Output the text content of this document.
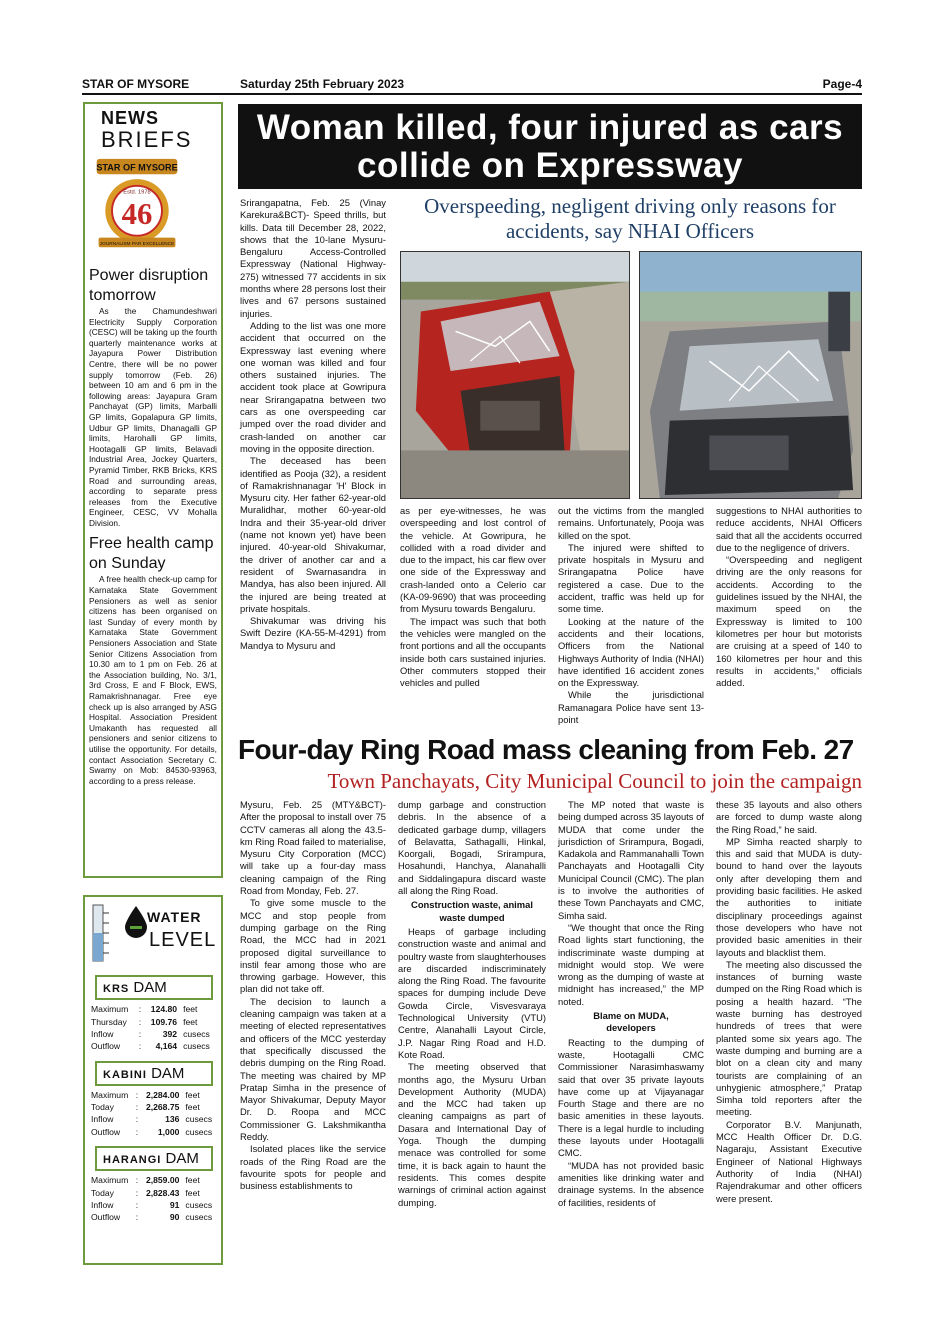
STAR OF MYSORE	Saturday 25th February 2023	Page-4
NEWS
BRIEFS
STAR OF MYSORE
Estd. 1978
46
JOURNALISM PAR EXCELLENCE
Power disruption tomorrow

As the Chamundeshwari Electricity Supply Corporation (CESC) will be taking up the fourth quarterly maintenance works at Jayapura Power Distribution Centre, there will be no power supply tomorrow (Feb. 26) between 10 am and 6 pm in the following areas: Jayapura Gram Panchayat (GP) limits, Marballi GP limits, Gopalapura GP limits, Udbur GP limits, Dhanagalli GP limits, Harohalli GP limits, Hootagalli GP limits, Belavadi Industrial Area, Jockey Quarters, Pyramid Timber, RKB Bricks, KRS Road and surrounding areas, according to separate press releases from the Executive Engineer, CESC, VV Mohalla Division.

Free health camp on Sunday

A free health check-up camp for Karnataka State Government Pensioners as well as senior citizens has been organised on last Sunday of every month by Karnataka State Government Pensioners Association and State Senior Citizens Association from 10.30 am to 1 pm on Feb. 26 at the Association building, No. 3/1, 3rd Cross, E and F Block, EWS, Ramakrishnanagar. Free eye check up is also arranged by ASG Hospital. Association President Umakanth has requested all pensioners and senior citizens to utilise the opportunity. For details, contact Association Secretary C. Swamy on Mob: 84530-93963, according to a press release.

WATER
LEVEL
KRS DAM
Maximum	:	124.80	feet
Thursday	:	109.76	feet
Inflow	:	392	cusecs
Outflow	:	4,164	cusecs
KABINI DAM
Maximum	:	2,284.00	feet
Today	:	2,268.75	feet
Inflow	:	136	cusecs
Outflow	:	1,000	cusecs
HARANGI DAM
Maximum	:	2,859.00	feet
Today	:	2,828.43	feet
Inflow	:	91	cusecs
Outflow	:	90	cusecs
Woman killed, four injured as cars collide on Expressway

Srirangapatna, Feb. 25 (Vinay Karekura&BCT)- Speed thrills, but kills. Data till December 28, 2022, shows that the 10-lane Mysuru-Bengaluru Access-Controlled Expressway (National Highway-275) witnessed 77 accidents in six months where 28 persons lost their lives and 67 persons sustained injuries.

Adding to the list was one more accident that occurred on the Expressway last evening where one woman was killed and four others sustained injuries. The accident took place at Gowripura near Srirangapatna between two cars as one overspeeding car jumped over the road divider and crash-landed on another car moving in the opposite direction.

The deceased has been identified as Pooja (32), a resident of Ramakrishnanagar 'H' Block in Mysuru city. Her father 62-year-old Muralidhar, mother 60-year-old Indra and their 35-year-old driver (name not known yet) have been injured. 40-year-old Shivakumar, the driver of another car and a resident of Swarnasandra in Mandya, has also been injured. All the injured are being treated at private hospitals.

Shivakumar was driving his Swift Dezire (KA-55-M-4291) from Mandya to Mysuru and

Overspeeding, negligent driving only reasons for accidents, say NHAI Officers

as per eye-witnesses, he was overspeeding and lost control of the vehicle. At Gowripura, he collided with a road divider and due to the impact, his car flew over one side of the Expressway and crash-landed onto a Celerio car (KA-09-9690) that was proceeding from Mysuru towards Bengaluru.

The impact was such that both the vehicles were mangled on the front portions and all the occupants inside both cars sustained injuries. Other commuters stopped their vehicles and pulled

out the victims from the mangled remains. Unfortunately, Pooja was killed on the spot.

The injured were shifted to private hospitals in Mysuru and Srirangapatna Police have registered a case. Due to the accident, traffic was held up for some time.

Looking at the nature of the accidents and their locations, Officers from the National Highways Authority of India (NHAI) have identified 16 accident zones on the Expressway.

While the jurisdictional Ramanagara Police have sent 13-point

suggestions to NHAI authorities to reduce accidents, NHAI Officers said that all the accidents occurred due to the negligence of drivers.

“Overspeeding and negligent driving are the only reasons for accidents. According to the guidelines issued by the NHAI, the maximum speed on the Expressway is limited to 100 kilometres per hour but motorists are cruising at a speed of 140 to 160 kilometres per hour and this results in accidents,” officials added.

Four-day Ring Road mass cleaning from Feb. 27
Town Panchayats, City Municipal Council to join the campaign

Mysuru, Feb. 25 (MTY&BCT)- After the proposal to install over 75 CCTV cameras all along the 43.5-km Ring Road failed to materialise, Mysuru City Corporation (MCC) will take up a four-day mass cleaning campaign of the Ring Road from Monday, Feb. 27.

To give some muscle to the MCC and stop people from dumping garbage on the Ring Road, the MCC had in 2021 proposed digital surveillance to instil fear among those who are throwing garbage. However, this plan did not take off.

The decision to launch a cleaning campaign was taken at a meeting of elected representatives and officers of the MCC yesterday that specifically discussed the debris dumping on the Ring Road. The meeting was chaired by MP Pratap Simha in the presence of Mayor Shivakumar, Deputy Mayor Dr. D. Roopa and MCC Commissioner G. Lakshmikantha Reddy.

Isolated places like the service roads of the Ring Road are the favourite spots for people and business establishments to

dump garbage and construction debris. In the absence of a dedicated garbage dump, villagers of Belavatta, Sathagalli, Hinkal, Koorgali, Bogadi, Srirampura, Hosahundi, Hanchya, Alanahalli and Siddalingapura discard waste all along the Ring Road.

Construction waste, animal waste dumped

Heaps of garbage including construction waste and animal and poultry waste from slaughterhouses are discarded indiscriminately along the Ring Road. The favourite spaces for dumping include Deve Gowda Circle, Visvesvaraya Technological University (VTU) Centre, Alanahalli Layout Circle, J.P. Nagar Ring Road and H.D. Kote Road.

The meeting observed that months ago, the Mysuru Urban Development Authority (MUDA) and the MCC had taken up cleaning campaigns as part of Dasara and International Day of Yoga. Though the dumping menace was controlled for some time, it is back again to haunt the residents. This comes despite warnings of criminal action against dumping.

The MP noted that waste is being dumped across 35 layouts of MUDA that come under the jurisdiction of Srirampura, Bogadi, Kadakola and Rammanahalli Town Panchayats and Hootagalli City Municipal Council (CMC). The plan is to involve the authorities of these Town Panchayats and CMC, Simha said.

“We thought that once the Ring Road lights start functioning, the indiscriminate waste dumping at midnight would stop. We were wrong as the dumping of waste at midnight has increased,” the MP noted.

Blame on MUDA, developers

Reacting to the dumping of waste, Hootagalli CMC Commissioner Narasimhaswamy said that over 35 private layouts have come up at Vijayanagar Fourth Stage and there are no basic amenities in these layouts. There is a legal hurdle to including these layouts under Hootagalli CMC.

“MUDA has not provided basic amenities like drinking water and drainage systems. In the absence of facilities, residents of

these 35 layouts and also others are forced to dump waste along the Ring Road,” he said.

MP Simha reacted sharply to this and said that MUDA is duty-bound to hand over the layouts only after developing them and providing basic facilities. He asked the authorities to initiate disciplinary proceedings against those developers who have not provided basic amenities in their layouts and blacklist them.

The meeting also discussed the instances of burning waste dumped on the Ring Road which is posing a health hazard. “The waste burning has destroyed hundreds of trees that were planted some six years ago. The waste dumping and burning are a blot on a clean city and many tourists are complaining of an unhygienic atmosphere,” Pratap Simha told reporters after the meeting.

Corporator B.V. Manjunath, MCC Health Officer Dr. D.G. Nagaraju, Assistant Executive Engineer of National Highways Authority of India (NHAI) Rajendrakumar and other officers were present.
